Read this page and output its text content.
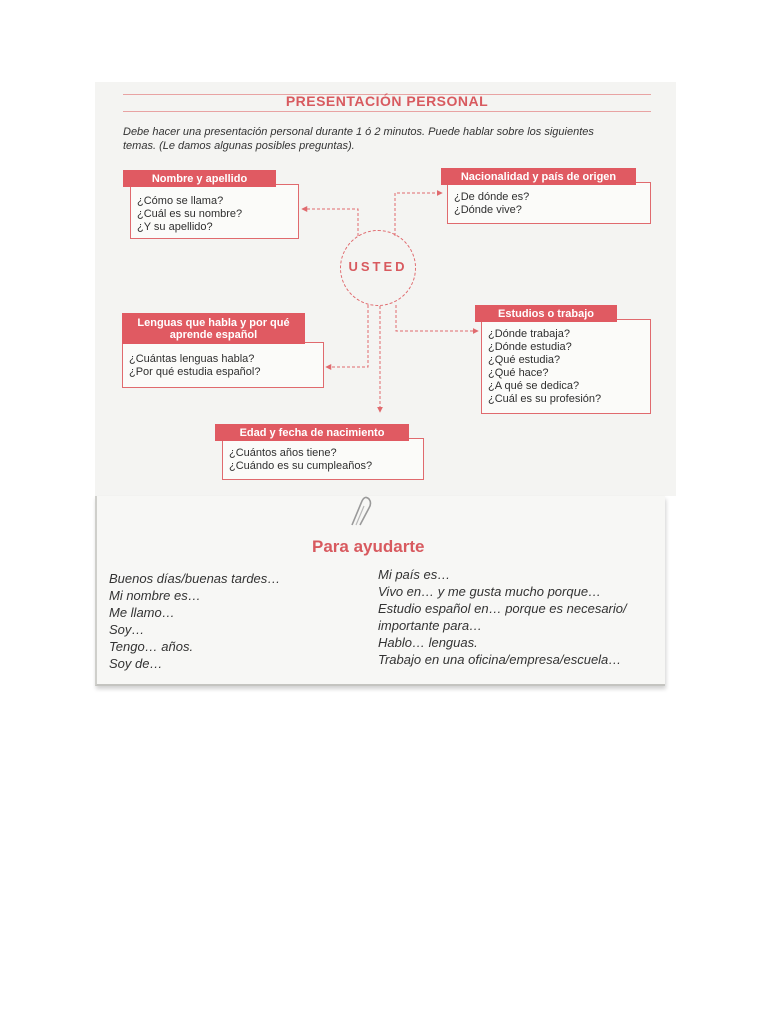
PRESENTACIÓN PERSONAL
Debe hacer una presentación personal durante 1 ó 2 minutos. Puede hablar sobre los siguientes
temas. (Le damos algunas posibles preguntas).
USTED
¿Cómo se llama?
¿Cuál es su nombre?
¿Y su apellido?
Nombre y apellido
¿De dónde es?
¿Dónde vive?
Nacionalidad y país de origen
¿Cuántas lenguas habla?
¿Por qué estudia español?
Lenguas que habla y por qué
aprende español	¿Dónde trabaja?
¿Dónde estudia?
¿Qué estudia?
¿Qué hace?
¿A qué se dedica?
¿Cuál es su profesión?
Estudios o trabajo
¿Cuántos años tiene?
¿Cuándo es su cumpleaños?
Edad y fecha de nacimiento
Para ayudarte
Buenos días/buenas tardes…
Mi nombre es…
Me llamo…
Soy…
Tengo… años.
Soy de…
Mi país es…
Vivo en… y me gusta mucho porque…
Estudio español en… porque es necesario/
importante para…
Hablo… lenguas.
Trabajo en una oficina/empresa/escuela…
